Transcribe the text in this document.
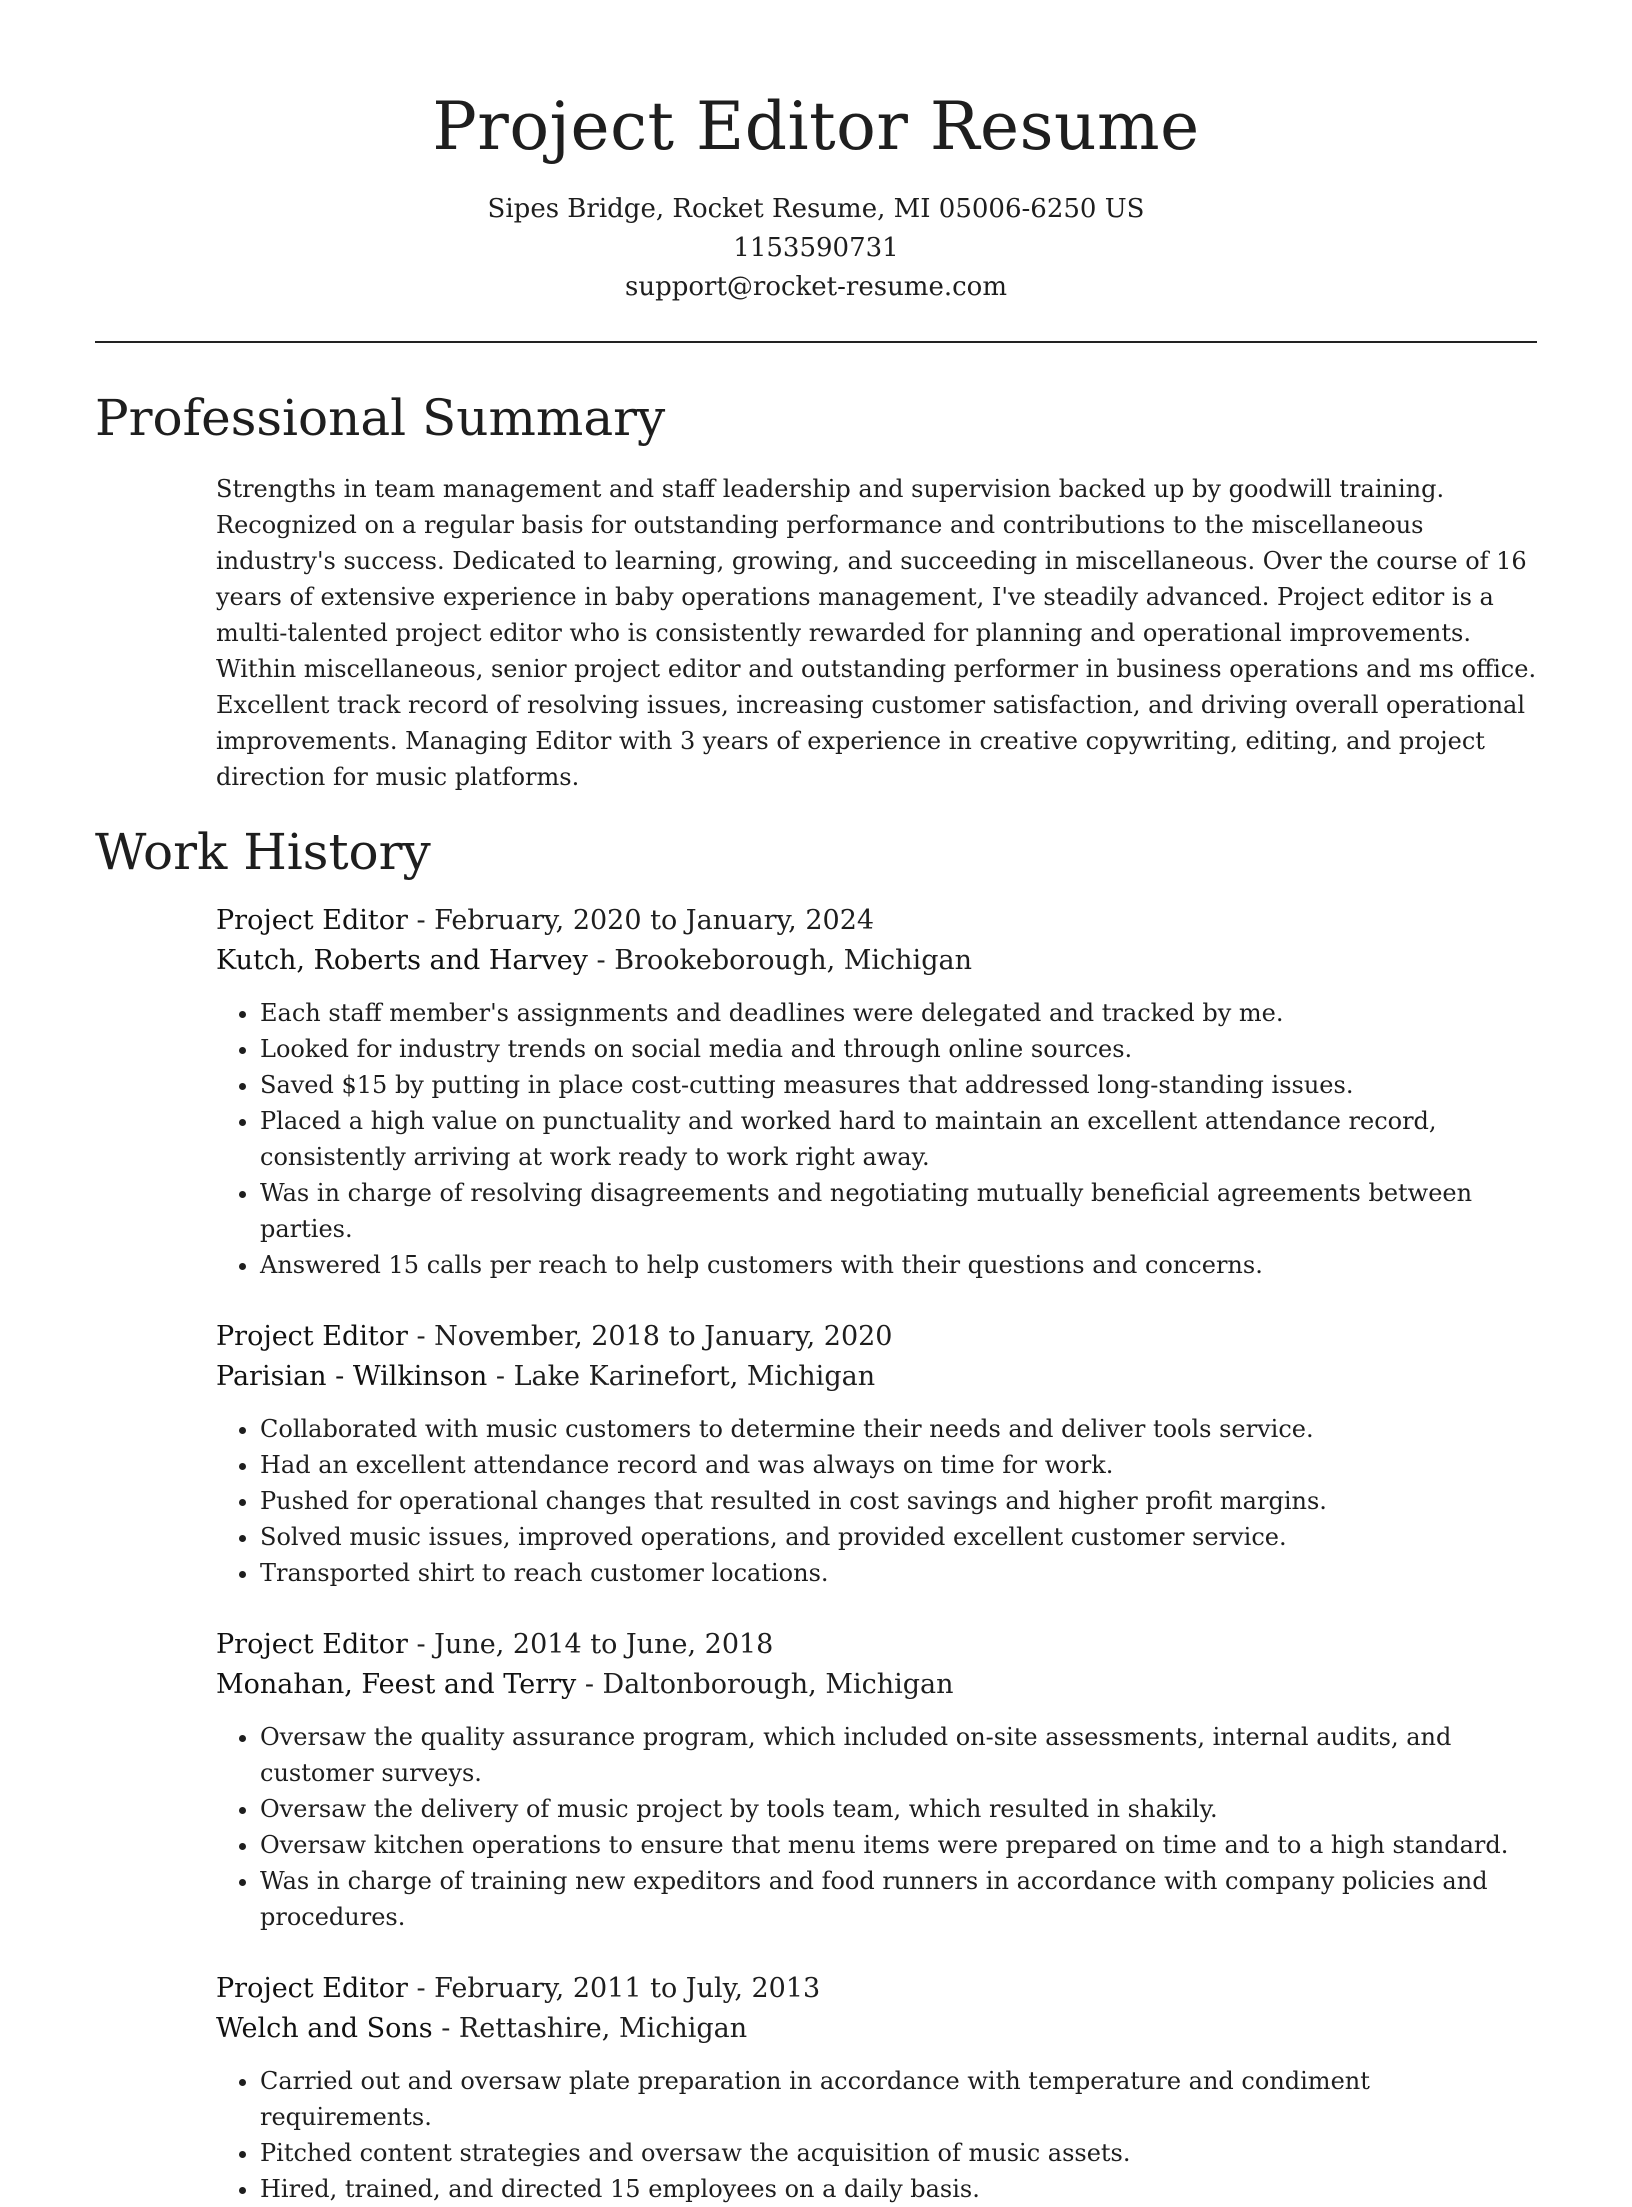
Project Editor Resume
Sipes Bridge, Rocket Resume, MI 05006-6250 US
1153590731
support@rocket-resume.com
Professional Summary

Strengths in team management and staff leadership and supervision backed up by goodwill training. Recognized on a regular basis for outstanding performance and contributions to the miscellaneous industry's success. Dedicated to learning, growing, and succeeding in miscellaneous. Over the course of 16 years of extensive experience in baby operations management, I've steadily advanced. Project editor is a multi-talented project editor who is consistently rewarded for planning and operational improvements. Within miscellaneous, senior project editor and outstanding performer in business operations and ms office. Excellent track record of resolving issues, increasing customer satisfaction, and driving overall operational improvements. Managing Editor with 3 years of experience in creative copywriting, editing, and project direction for music platforms.

Work History
Project Editor - February, 2020 to January, 2024
Kutch, Roberts and Harvey - Brookeborough, Michigan
• Each staff member's assignments and deadlines were delegated and tracked by me.
• Looked for industry trends on social media and through online sources.
• Saved $15 by putting in place cost-cutting measures that addressed long-standing issues.
• Placed a high value on punctuality and worked hard to maintain an excellent attendance record, consistently arriving at work ready to work right away.
• Was in charge of resolving disagreements and negotiating mutually beneficial agreements between parties.
• Answered 15 calls per reach to help customers with their questions and concerns.
Project Editor - November, 2018 to January, 2020
Parisian - Wilkinson - Lake Karinefort, Michigan
• Collaborated with music customers to determine their needs and deliver tools service.
• Had an excellent attendance record and was always on time for work.
• Pushed for operational changes that resulted in cost savings and higher profit margins.
• Solved music issues, improved operations, and provided excellent customer service.
• Transported shirt to reach customer locations.
Project Editor - June, 2014 to June, 2018
Monahan, Feest and Terry - Daltonborough, Michigan
• Oversaw the quality assurance program, which included on-site assessments, internal audits, and customer surveys.
• Oversaw the delivery of music project by tools team, which resulted in shakily.
• Oversaw kitchen operations to ensure that menu items were prepared on time and to a high standard.
• Was in charge of training new expeditors and food runners in accordance with company policies and procedures.
Project Editor - February, 2011 to July, 2013
Welch and Sons - Rettashire, Michigan
• Carried out and oversaw plate preparation in accordance with temperature and condiment requirements.
• Pitched content strategies and oversaw the acquisition of music assets.
• Hired, trained, and directed 15 employees on a daily basis.
